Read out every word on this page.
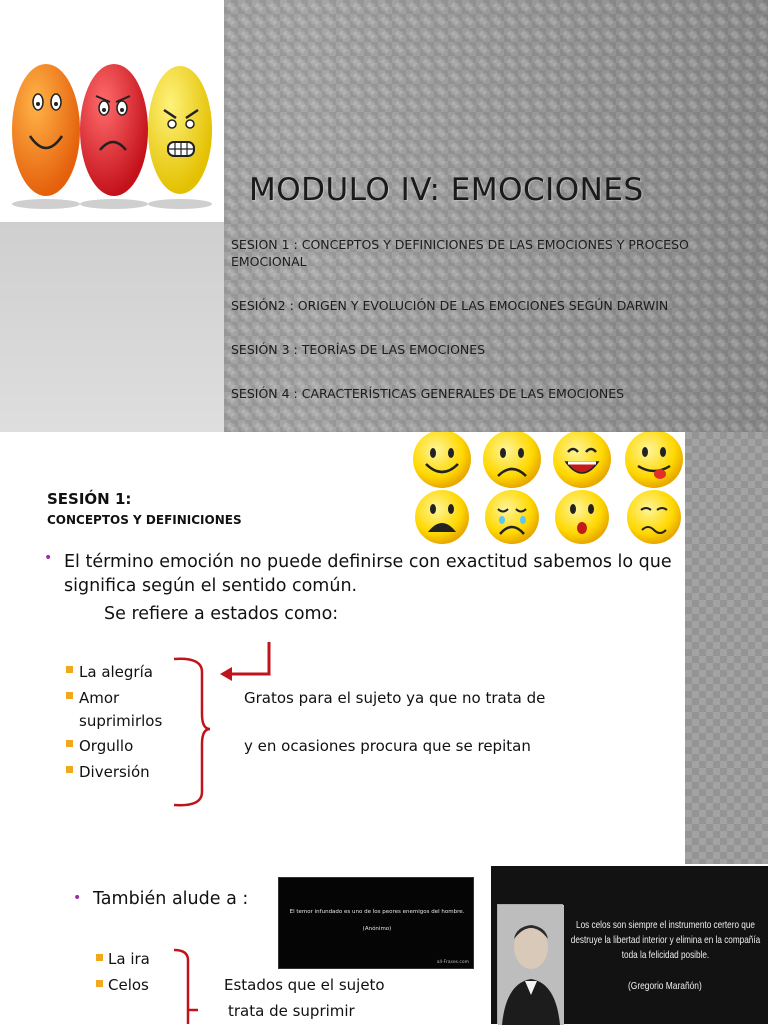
MODULO IV: EMOCIONES
SESION 1 : CONCEPTOS Y DEFINICIONES DE LAS EMOCIONES Y PROCESO EMOCIONAL
SESIÓN2 : ORIGEN Y EVOLUCIÓN DE LAS EMOCIONES SEGÚN DARWIN
SESIÓN 3 : TEORÍAS DE LAS EMOCIONES
SESIÓN 4 : CARACTERÍSTICAS GENERALES DE LAS EMOCIONES
SESIÓN 1:
CONCEPTOS Y DEFINICIONES
• El término emoción no puede definirse con exactitud sabemos lo que significa según el sentido común.
Se refiere a estados como:
La alegría
Amor
suprimirlos
Orgullo
Diversión
Gratos para el sujeto ya que no trata de
y en ocasiones procura que se repitan
• También alude a :
La ira
Celos	Estados que el sujeto
trata de suprimir
El temor infundado es uno de los peores enemigos del hombre.
(Anónimo)
all-Frases.com
Los celos son siempre el instrumento certero que destruye la libertad interior y elimina en la compañía toda la felicidad posible.
(Gregorio Marañón)
